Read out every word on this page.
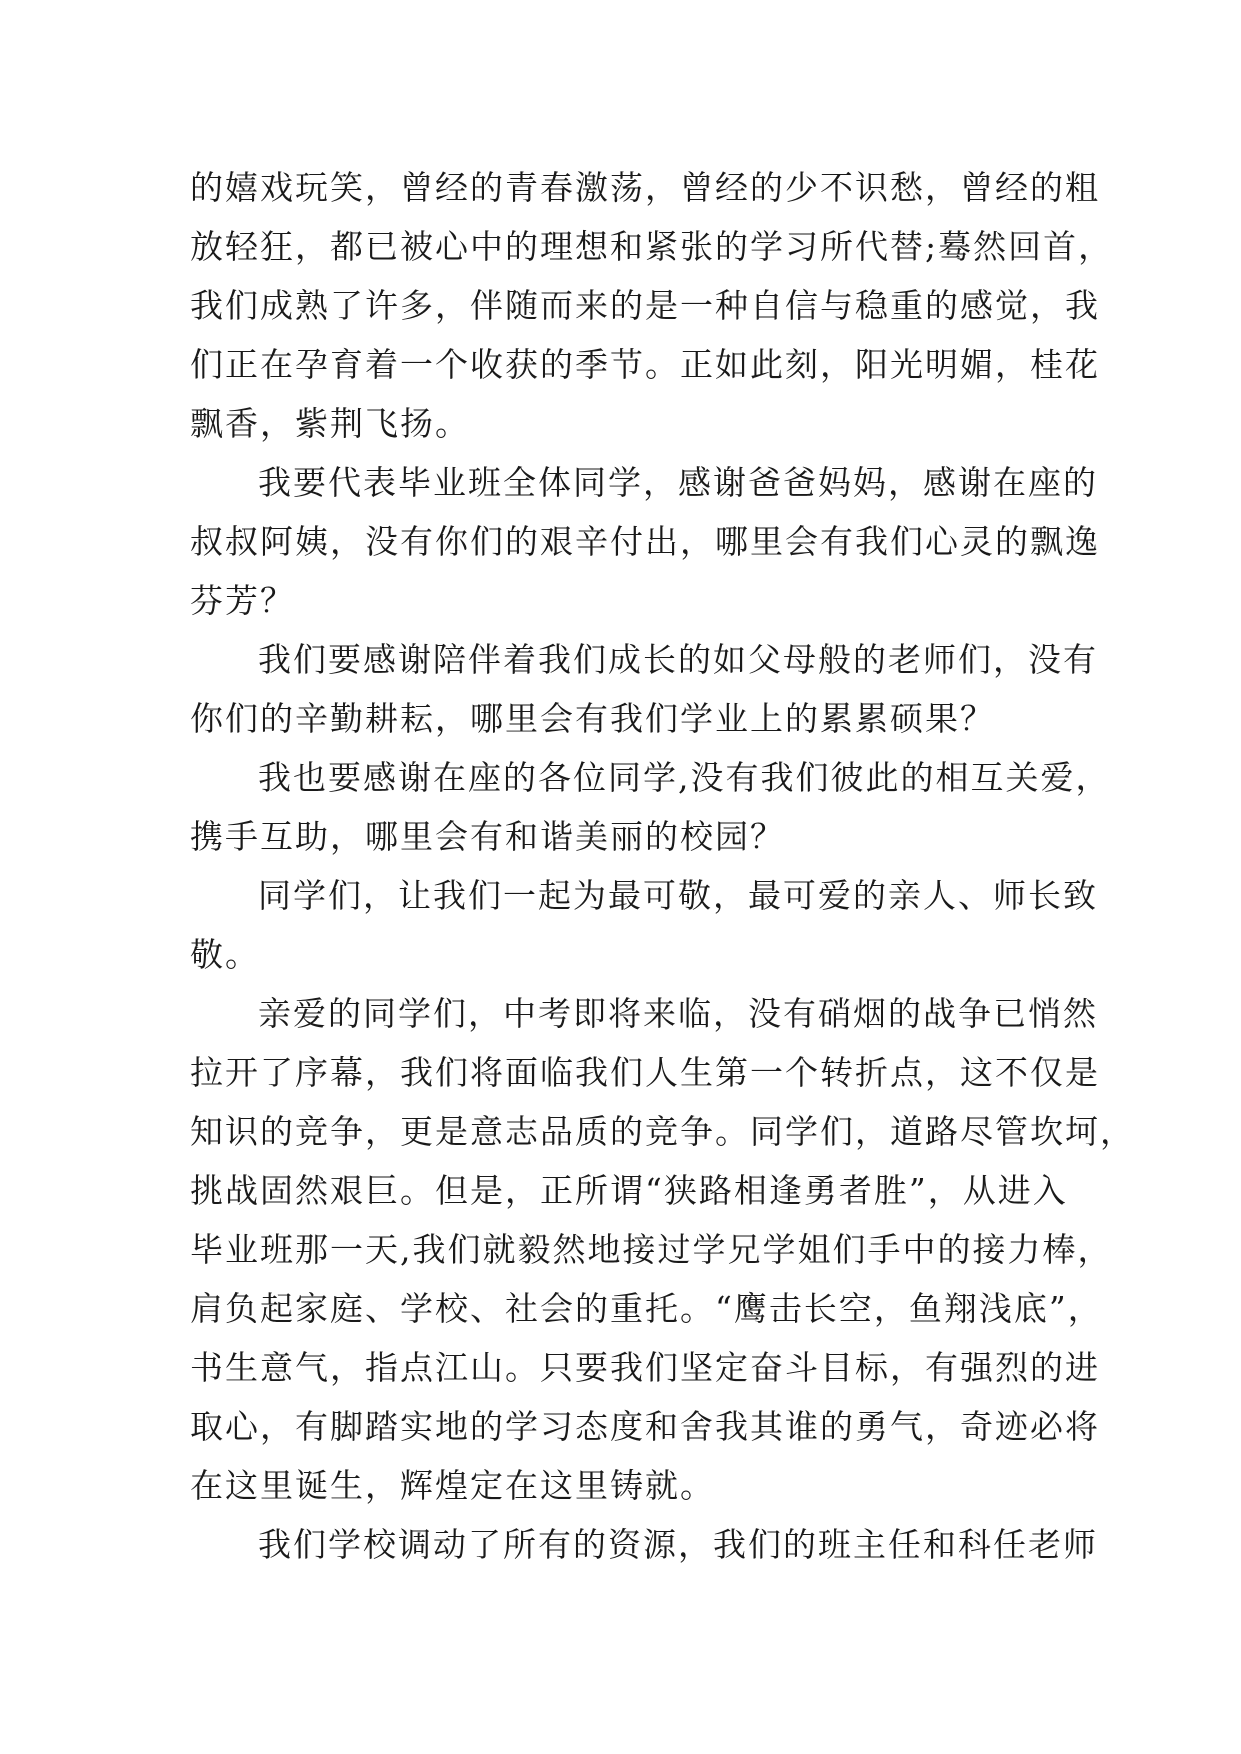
的嬉戏玩笑，曾经的青春激荡，曾经的少不识愁，曾经的粗
放轻狂，都已被心中的理想和紧张的学习所代替;蓦然回首，
我们成熟了许多，伴随而来的是一种自信与稳重的感觉，我
们正在孕育着一个收获的季节。正如此刻，阳光明媚，桂花
飘香，紫荆飞扬。
我要代表毕业班全体同学，感谢爸爸妈妈，感谢在座的
叔叔阿姨，没有你们的艰辛付出，哪里会有我们心灵的飘逸
芬芳？
我们要感谢陪伴着我们成长的如父母般的老师们，没有
你们的辛勤耕耘，哪里会有我们学业上的累累硕果？
我也要感谢在座的各位同学,没有我们彼此的相互关爱，
携手互助，哪里会有和谐美丽的校园？
同学们，让我们一起为最可敬，最可爱的亲人、师长致
敬。
亲爱的同学们，中考即将来临，没有硝烟的战争已悄然
拉开了序幕，我们将面临我们人生第一个转折点，这不仅是
知识的竞争，更是意志品质的竞争。同学们，道路尽管坎坷，
挑战固然艰巨。但是，正所谓“狭路相逢勇者胜”，从进入
毕业班那一天,我们就毅然地接过学兄学姐们手中的接力棒，
肩负起家庭、学校、社会的重托。“鹰击长空，鱼翔浅底”，
书生意气，指点江山。只要我们坚定奋斗目标，有强烈的进
取心，有脚踏实地的学习态度和舍我其谁的勇气，奇迹必将
在这里诞生，辉煌定在这里铸就。
我们学校调动了所有的资源，我们的班主任和科任老师
